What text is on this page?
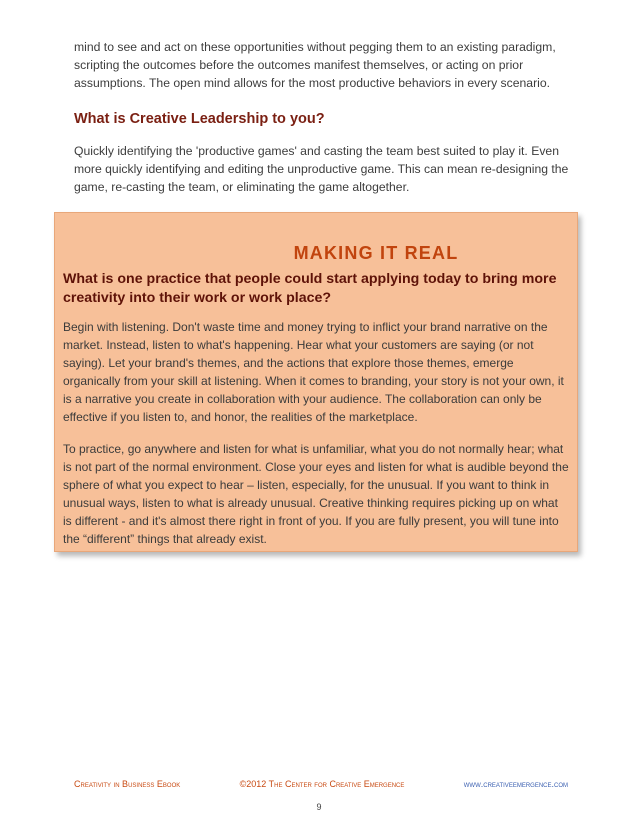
mind to see and act on these opportunities without pegging them to an existing paradigm, scripting the outcomes before the outcomes manifest themselves, or acting on prior assumptions. The open mind allows for the most productive behaviors in every scenario.

What is Creative Leadership to you?

Quickly identifying the 'productive games' and casting the team best suited to play it. Even more quickly identifying and editing the unproductive game. This can mean re-designing the game, re-casting the team, or eliminating the game altogether.

MAKING IT REAL
What is one practice that people could start applying today to bring more creativity into their work or work place?

Begin with listening. Don't waste time and money trying to inflict your brand narrative on the market. Instead, listen to what's happening. Hear what your customers are saying (or not saying). Let your brand's themes, and the actions that explore those themes, emerge organically from your skill at listening. When it comes to branding, your story is not your own, it is a narrative you create in collaboration with your audience. The collaboration can only be effective if you listen to, and honor, the realities of the marketplace.

To practice, go anywhere and listen for what is unfamiliar, what you do not normally hear; what is not part of the normal environment. Close your eyes and listen for what is audible beyond the sphere of what you expect to hear – listen, especially, for the unusual. If you want to think in unusual ways, listen to what is already unusual. Creative thinking requires picking up on what is different - and it's almost there right in front of you. If you are fully present, you will tune into the “different” things that already exist.

Creativity in Business Ebook	©2012 The Center for Creative Emergence	www.creativeemergence.com
9
